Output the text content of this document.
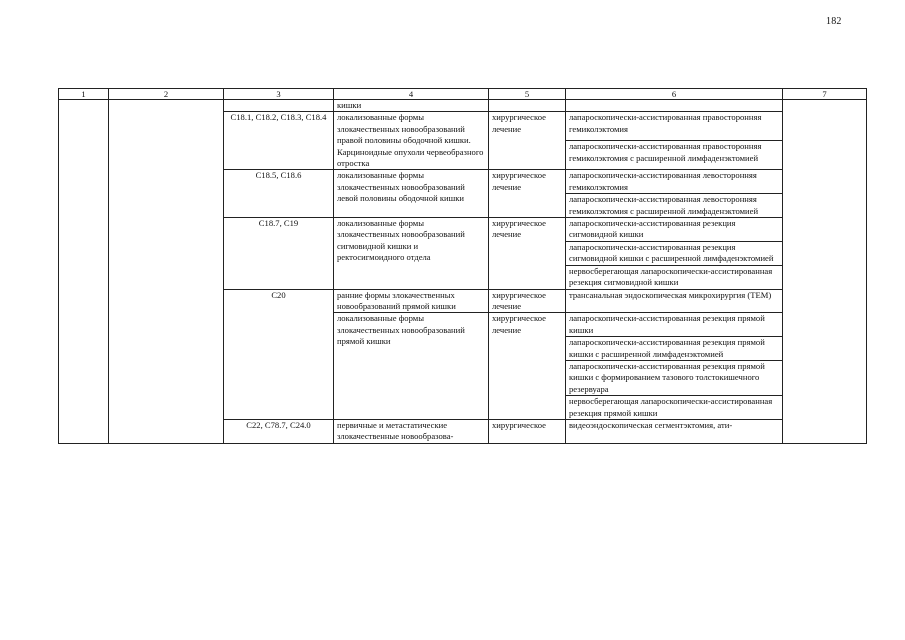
182
1	2	3	4	5	6	7
			кишки			
		C18.1, C18.2, C18.3, C18.4	локализованные формы злокачественных новообразований правой половины ободочной кишки. Карциноидные опухоли червеобразного отростка	хирургическое лечение	лапароскопически-ассистированная правосторонняя гемиколэктомия	
					лапароскопически-ассистированная правосторонняя гемиколэктомия с расширенной лимфаденэктомией	
		C18.5, C18.6	локализованные формы злокачественных новообразований левой половины ободочной кишки	хирургическое лечение	лапароскопически-ассистированная левосторонняя гемиколэктомия	
					лапароскопически-ассистированная левосторонняя гемиколэктомия с расширенной лимфаденэктомией	
		C18.7, C19	локализованные формы злокачественных новообразований сигмовидной кишки и ректосигмоидного отдела	хирургическое лечение	лапароскопически-ассистированная резекция сигмовидной кишки	
					лапароскопически-ассистированная резекция сигмовидной кишки с расширенной лимфаденэктомией	
					нервосберегающая лапароскопически-ассистированная резекция сигмовидной кишки	
		C20	ранние формы злокачественных новообразований прямой кишки	хирургическое лечение	трансанальная эндоскопическая микрохирургия (TEM)	
			локализованные формы злокачественных новообразований прямой кишки	хирургическое лечение	лапароскопически-ассистированная резекция прямой кишки	
					лапароскопически-ассистированная резекция прямой кишки с расширенной лимфаденэктомией	
					лапароскопически-ассистированная резекция прямой кишки с формированием тазового толстокишечного резервуара	
					нервосберегающая лапароскопически-ассистированная резекция прямой кишки	
		C22, C78.7, C24.0	первичные и метастатические злокачественные новообразова-	хирургическое	видеоэндоскопическая сегментэктомия, ати-	
